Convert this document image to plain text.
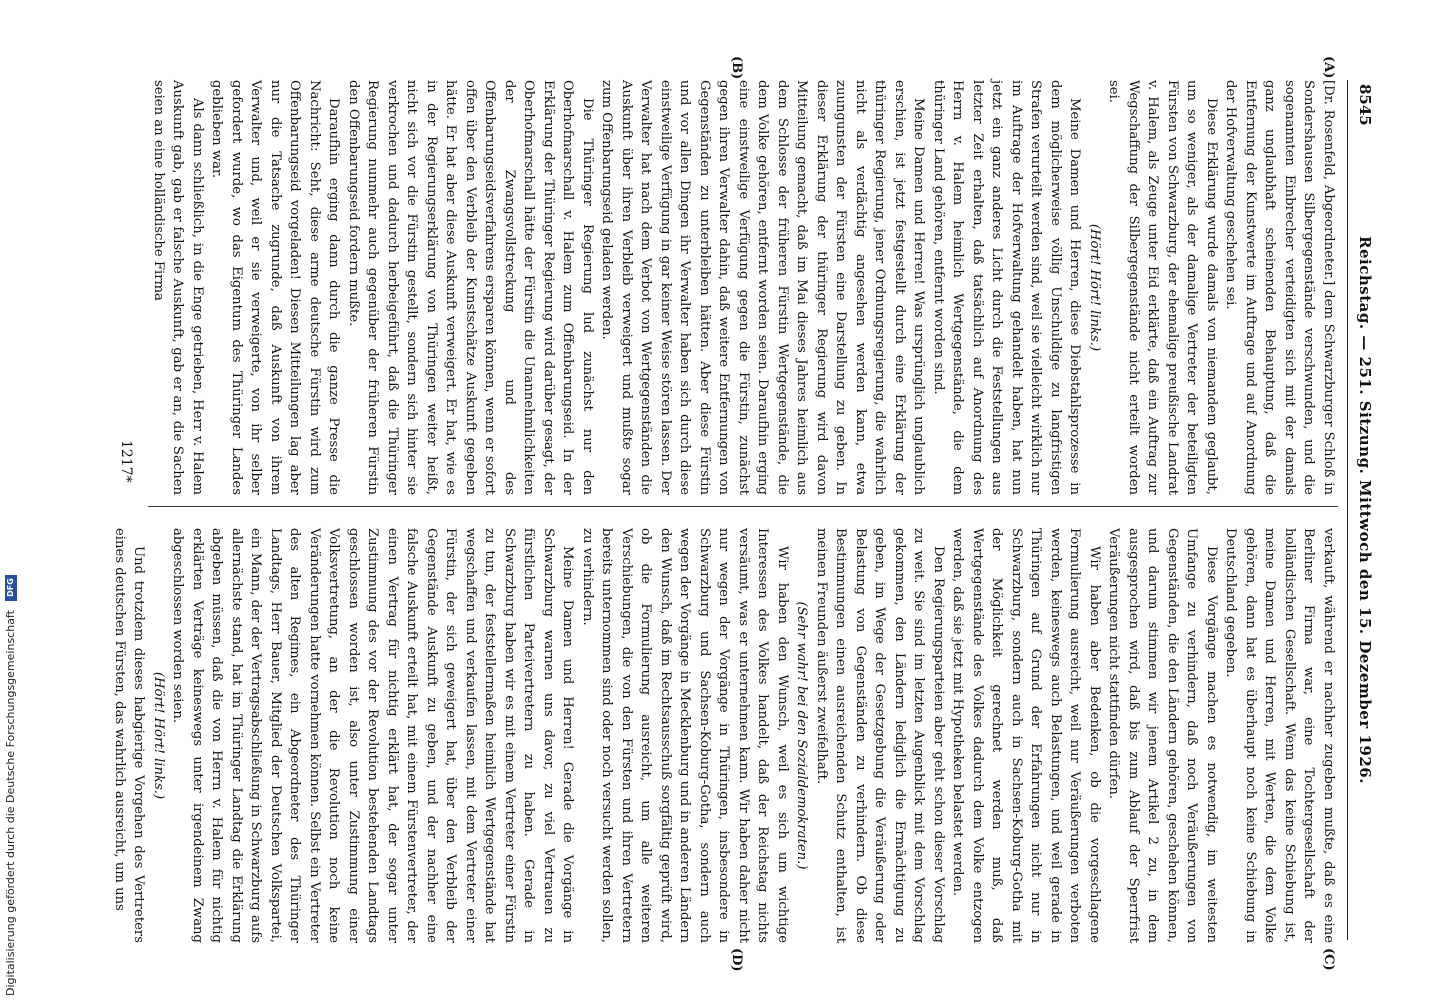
8545
Reichstag. — 251. Sitzung. Mittwoch den 15. Dezember 1926.
(A)
(B)
(C)
(D)

[Dr. Rosenfeld, Abgeordneter.] dem Schwarzburger Schloß in Sondershausen Silbergegenstände verschwunden, und die sogenannten Einbrecher verteidigten sich mit der damals ganz unglaubhaft scheinenden Behauptung, daß die Entfernung der Kunstwerte im Auftrage und auf Anordnung der Hofverwaltung geschehen sei.

Diese Erklärung wurde damals von niemandem geglaubt, um so weniger, als der damalige Vertreter der beteiligten Fürsten von Schwarzburg, der ehemalige preußische Landrat v. Halem, als Zeuge unter Eid erklärte, daß ein Auftrag zur Wegschaffung der Silbergegenstände nicht erteilt worden sei.

(Hört! Hört! links.)

Meine Damen und Herren, diese Diebstahlsprozesse in dem möglicherweise völlig Unschuldige zu langfristigen Strafen verurteilt werden sind, weil sie vielleicht wirklich nur im Auftrage der Hofverwaltung gehandelt haben, hat nun jetzt ein ganz anderes Licht durch die Feststellungen aus letzter Zeit erhalten, daß tatsächlich auf Anordnung des Herrn v. Halem heimlich Wertgegenstände, die dem thüringer Land gehören, entfernt worden sind.

Meine Damen und Herren! Was ursprünglich unglaublich erschien, ist jetzt festgestellt durch eine Erklärung der thüringer Regierung, jener Ordnungsregierung, die wahrlich nicht als verdächtig angesehen werden kann, etwa zuungunsten der Fürsten eine Darstellung zu geben. In dieser Erklärung der thüringer Regierung wird davon Mitteilung gemacht, daß im Mai dieses Jahres heimlich aus dem Schlosse der früheren Fürstin Wertgegenstände, die dem Volke gehören, entfernt worden seien. Daraufhin erging eine einstweilige Verfügung gegen die Fürstin, zunächst gegen ihren Verwalter dahin, daß weitere Entfernungen von Gegenständen zu unterbleiben hätten. Aber diese Fürstin und vor allen Dingen ihr Verwalter haben sich durch diese einstweilige Verfügung in gar keiner Weise stören lassen. Der Verwalter hat nach dem Verbot von Wertgegenständen die Auskunft über ihren Verbleib verweigert und mußte sogar zum Offenbarungseid geladen werden.

Die Thüringer Regierung lud zunächst nur den Oberhofmarschall v. Halem zum Offenbarungseid. In der Erklärung der Thüringer Regierung wird darüber gesagt, der Oberhofmarschall hätte der Fürstin die Unannehmlichkeiten der Zwangsvollstreckung und des Offenbarungseidsverfahrens ersparen können, wenn er sofort offen über den Verbleib der Kunstschätze Auskunft gegeben hätte. Er hat aber diese Auskunft verweigert. Er hat, wie es in der Regierungserklärung von Thüringen weiter heißt, nicht sich vor die Fürstin gestellt, sondern sich hinter sie verkrochen und dadurch herbeigeführt, daß die Thüringer Regierung nunmehr auch gegenüber der früheren Fürstin den Offenbarungseid fordern mußte.

Daraufhin erging dann durch die ganze Presse die Nachricht: Seht, diese arme deutsche Fürstin wird zum Offenbarungseid vorgeladen! Diesen Mitteilungen lag aber nur die Tatsache zugrunde, daß Auskunft von ihrem Verwalter und, weil er sie verweigerte, von ihr selber gefordert wurde, wo das Eigentum des Thüringer Landes geblieben war.

Als dann schließlich, in die Enge getrieben, Herr v. Halem Auskunft gab, gab er falsche Auskunft, gab er an, die Sachen seien an eine holländische Firma

verkauft, während er nachher zugeben mußte, daß es eine Berliner Firma war, eine Tochtergesellschaft der holländischen Gesellschaft. Wenn das keine Schiebung ist, meine Damen und Herren, mit Werten, die dem Volke gehören, dann hat es überhaupt noch keine Schiebung in Deutschland gegeben.

Diese Vorgänge machen es notwendig, im weitesten Umfange zu verhindern, daß noch Veräußerungen von Gegenständen, die den Ländern gehören, geschehen können, und darum stimmen wir jenem Artikel 2 zu, in dem ausgesprochen wird, daß bis zum Ablauf der Sperrfrist Veräußerungen nicht stattfinden dürfen.

Wir haben aber Bedenken, ob die vorgeschlagene Formulierung ausreicht, weil nur Veräußerungen verboten werden, keineswegs auch Belastungen, und weil gerade in Thüringen auf Grund der Erfahrungen nicht nur in Schwarzburg, sondern auch in Sachsen-Koburg-Gotha mit der Möglichkeit gerechnet werden muß, daß Wertgegenstände des Volkes dadurch dem Volke entzogen werden, daß sie jetzt mit Hypotheken belastet werden.

Den Regierungsparteien aber geht schon dieser Vorschlag zu weit. Sie sind im letzten Augenblick mit dem Vorschlag gekommen, den Ländern lediglich die Ermächtigung zu geben, im Wege der Gesetzgebung die Veräußerung oder Belastung von Gegenständen zu verhindern. Ob diese Bestimmungen einen ausreichenden Schutz enthalten, ist meinen Freunden äußerst zweifelhaft.

(Sehr wahr! bei den Sozialdemokraten.)

Wir haben den Wunsch, weil es sich um wichtige Interessen des Volkes handelt, daß der Reichstag nichts versäumt, was er unternehmen kann. Wir haben daher nicht nur wegen der Vorgänge in Thüringen, insbesondere in Schwarzburg und Sachsen-Koburg-Gotha, sondern auch wegen der Vorgänge in Mecklenburg und in anderen Ländern den Wunsch, daß im Rechtsausschuß sorgfältig geprüft wird, ob die Formulierung ausreicht, um alle weiteren Verschiebungen, die von den Fürsten und ihren Vertretern bereits unternommen sind oder noch versucht werden sollen, zu verhindern.

Meine Damen und Herren! Gerade die Vorgänge in Schwarzburg warnen uns davor, zu viel Vertrauen zu fürstlichen Parteivertretern zu haben. Gerade in Schwarzburg haben wir es mit einem Vertreter einer Fürstin zu tun, der feststellermaßen heimlich Wertgegenstände hat wegschaffen und verkaufen lassen, mit dem Vertreter einer Fürstin, der sich geweigert hat, über den Verbleib der Gegenstände Auskunft zu geben, und der nachher eine falsche Auskunft erteilt hat, mit einem Fürstenvertreter, der einen Vertrag für nichtig erklärt hat, der sogar unter Zustimmung des vor der Revolution bestehenden Landtags geschlossen worden ist, also unter Zustimmung einer Volksvertretung, an der die Revolution noch keine Veränderungen hatte vornehmen können. Selbst ein Vertreter des alten Regimes, ein Abgeordneter des Thüringer Landtags, Herr Bauer, Mitglied der Deutschen Volkspartei, ein Mann, der der Vertragsabschließung in Schwarzburg aufs allernächste stand, hat im Thüringer Landtag die Erklärung abgeben müssen, daß die von Herrn v. Halem für nichtig erklärten Verträge keineswegs unter irgendeinem Zwang abgeschlossen worden seien.

(Hört! Hört! links.)

Und trotzdem dieses habgierige Vorgehen des Vertreters eines deutschen Fürsten, das wahrlich ausreicht, um uns

1217*
Digitalisierung gefördert durch die Deutsche Forschungsgemeinschaft DFG
